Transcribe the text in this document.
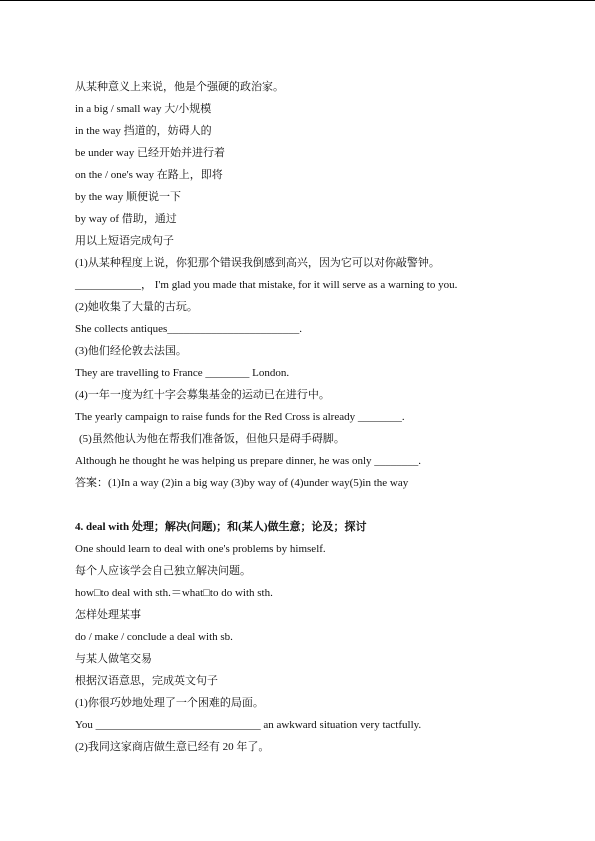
从某种意义上来说，他是个强硬的政治家。
in a big / small way 大/小规模
in the way 挡道的，妨碍人的
be under way 已经开始并进行着
on the / one's way 在路上，即将
by the way 顺便说一下
by way of 借助，通过
用以上短语完成句子
(1)从某种程度上说，你犯那个错误我倒感到高兴，因为它可以对你敲警钟。
____________， I'm glad you made that mistake, for it will serve as a warning to you.
(2)她收集了大量的古玩。
She collects antiques________________________.
(3)他们经伦敦去法国。
They are travelling to France ________ London.
(4)一年一度为红十字会募集基金的运动已在进行中。
The yearly campaign to raise funds for the Red Cross is already ________.
(5)虽然他认为他在帮我们准备饭，但他只是碍手碍脚。
Although he thought he was helping us prepare dinner, he was only ________.
答案：(1)In a way (2)in a big way (3)by way of (4)under way(5)in the way
4. deal with 处理；解决(问题)；和(某人)做生意；论及；探讨
One should learn to deal with one's problems by himself.
每个人应该学会自己独立解决问题。
how□to deal with sth.＝what□to do with sth.
怎样处理某事
do / make / conclude a deal with sb.
与某人做笔交易
根据汉语意思，完成英文句子
(1)你很巧妙地处理了一个困难的局面。
You ______________________________ an awkward situation very tactfully.
(2)我同这家商店做生意已经有 20 年了。
